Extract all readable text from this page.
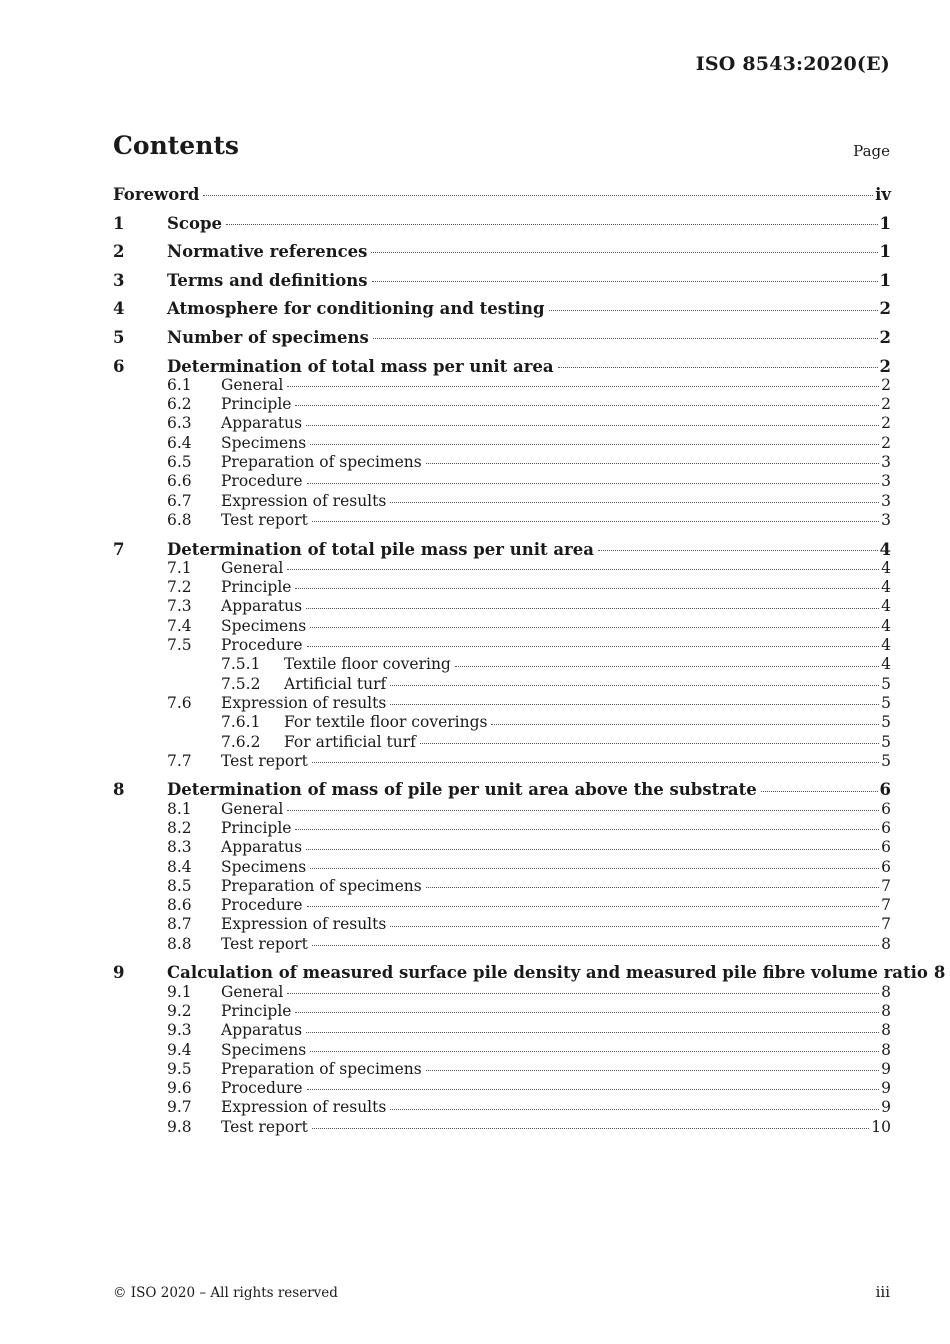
ISO 8543:2020(E)
Contents	Page
Foreword	iv
1	Scope	1
2	Normative references	1
3	Terms and definitions	1
4	Atmosphere for conditioning and testing	2
5	Number of specimens	2
6	Determination of total mass per unit area	2
6.1	General	2
6.2	Principle	2
6.3	Apparatus	2
6.4	Specimens	2
6.5	Preparation of specimens	3
6.6	Procedure	3
6.7	Expression of results	3
6.8	Test report	3
7	Determination of total pile mass per unit area	4
7.1	General	4
7.2	Principle	4
7.3	Apparatus	4
7.4	Specimens	4
7.5	Procedure	4
7.5.1	Textile floor covering	4
7.5.2	Artificial turf	5
7.6	Expression of results	5
7.6.1	For textile floor coverings	5
7.6.2	For artificial turf	5
7.7	Test report	5
8	Determination of mass of pile per unit area above the substrate	6
8.1	General	6
8.2	Principle	6
8.3	Apparatus	6
8.4	Specimens	6
8.5	Preparation of specimens	7
8.6	Procedure	7
8.7	Expression of results	7
8.8	Test report	8
9	Calculation of measured surface pile density and measured pile fibre volume ratio 8
9.1	General	8
9.2	Principle	8
9.3	Apparatus	8
9.4	Specimens	8
9.5	Preparation of specimens	9
9.6	Procedure	9
9.7	Expression of results	9
9.8	Test report	10
© ISO 2020 – All rights reserved	iii
